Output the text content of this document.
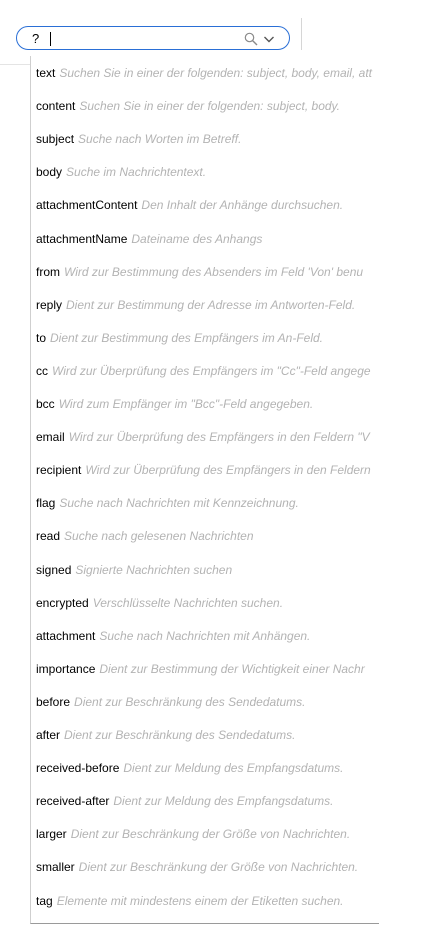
?
text Suchen Sie in einer der folgenden: subject, body, email, att
content Suchen Sie in einer der folgenden: subject, body.
subject Suche nach Worten im Betreff.
body Suche im Nachrichtentext.
attachmentContent Den Inhalt der Anhänge durchsuchen.
attachmentName Dateiname des Anhangs
from Wird zur Bestimmung des Absenders im Feld 'Von' benu
reply Dient zur Bestimmung der Adresse im Antworten-Feld.
to Dient zur Bestimmung des Empfängers im An-Feld.
cc Wird zur Überprüfung des Empfängers im "Cc"-Feld angege
bcc Wird zum Empfänger im "Bcc"-Feld angegeben.
email Wird zur Überprüfung des Empfängers in den Feldern "V
recipient Wird zur Überprüfung des Empfängers in den Feldern
flag Suche nach Nachrichten mit Kennzeichnung.
read Suche nach gelesenen Nachrichten
signed Signierte Nachrichten suchen
encrypted Verschlüsselte Nachrichten suchen.
attachment Suche nach Nachrichten mit Anhängen.
importance Dient zur Bestimmung der Wichtigkeit einer Nachr
before Dient zur Beschränkung des Sendedatums.
after Dient zur Beschränkung des Sendedatums.
received-before Dient zur Meldung des Empfangsdatums.
received-after Dient zur Meldung des Empfangsdatums.
larger Dient zur Beschränkung der Größe von Nachrichten.
smaller Dient zur Beschränkung der Größe von Nachrichten.
tag Elemente mit mindestens einem der Etiketten suchen.
